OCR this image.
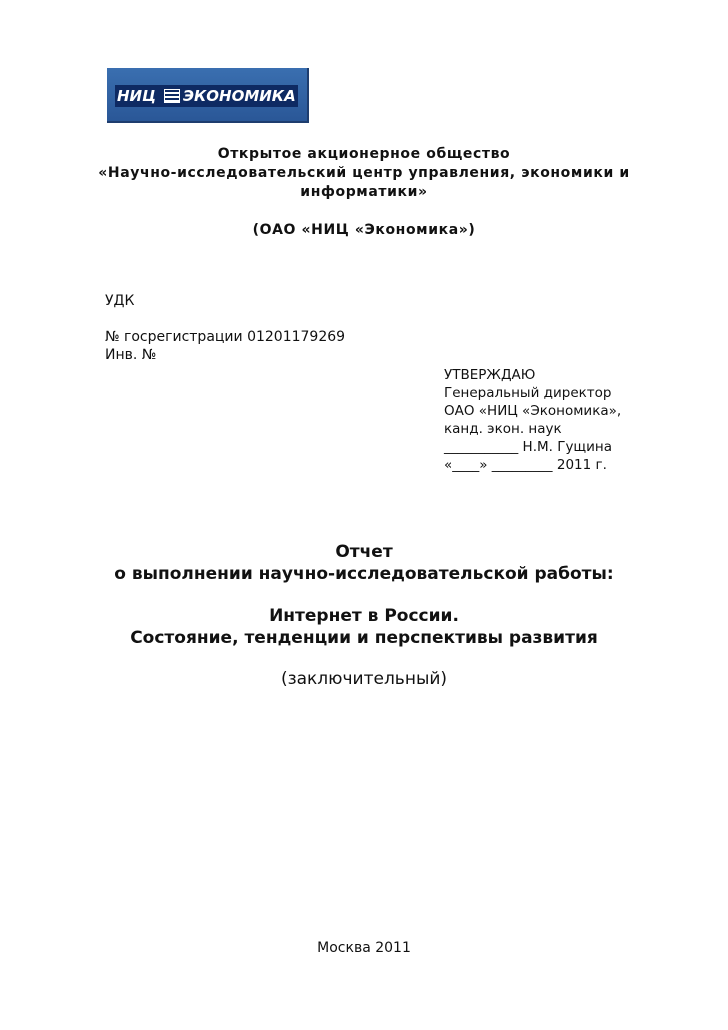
НИЦ ЭКОНОМИКА
Открытое акционерное общество
«Научно-исследовательский центр управления, экономики и
информатики»
(ОАО «НИЦ «Экономика»)
УДК
№ госрегистрации 01201179269
Инв. №
УТВЕРЖДАЮ
Генеральный директор
ОАО «НИЦ «Экономика»,
канд. экон. наук
___________ Н.М. Гущина
«____» _________ 2011 г.
Отчет
о выполнении научно-исследовательской работы:
Интернет в России.
Состояние, тенденции и перспективы развития
(заключительный)
Москва 2011
